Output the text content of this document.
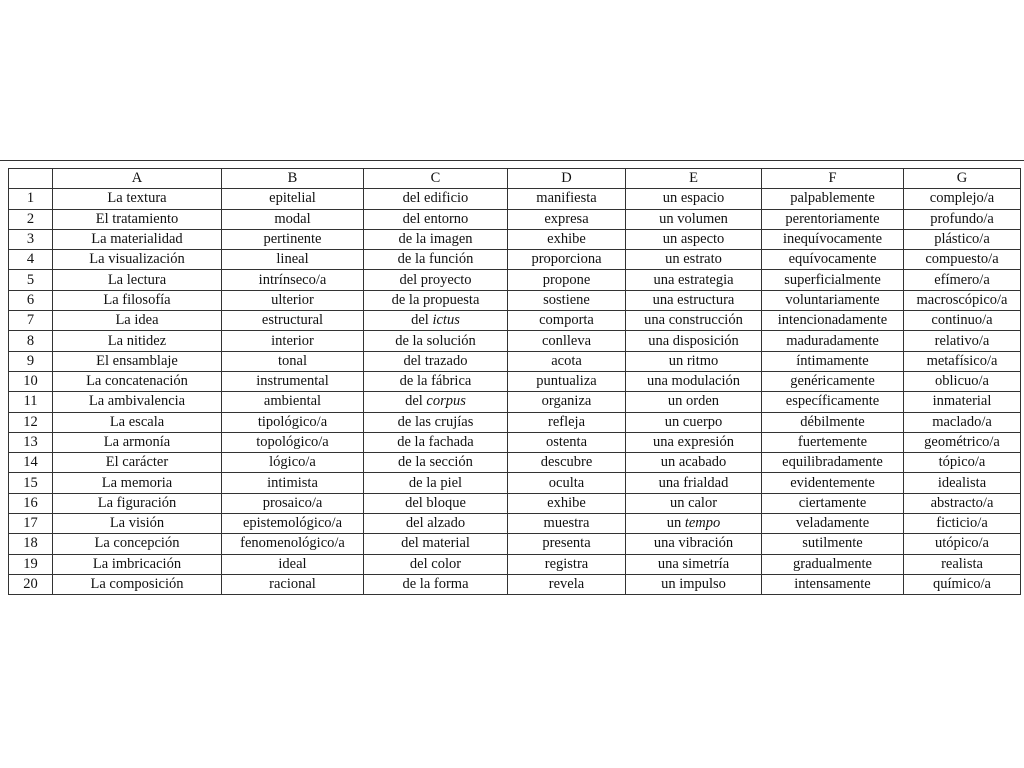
	A	B	C	D	E	F	G
1	La textura	epitelial	del edificio	manifiesta	un espacio	palpablemente	complejo/a
2	El tratamiento	modal	del entorno	expresa	un volumen	perentoriamente	profundo/a
3	La materialidad	pertinente	de la imagen	exhibe	un aspecto	inequívocamente	plástico/a
4	La visualización	lineal	de la función	proporciona	un estrato	equívocamente	compuesto/a
5	La lectura	intrínseco/a	del proyecto	propone	una estrategia	superficialmente	efímero/a
6	La filosofía	ulterior	de la propuesta	sostiene	una estructura	voluntariamente	macroscópico/a
7	La idea	estructural	del ictus	comporta	una construcción	intencionadamente	continuo/a
8	La nitidez	interior	de la solución	conlleva	una disposición	maduradamente	relativo/a
9	El ensamblaje	tonal	del trazado	acota	un ritmo	íntimamente	metafísico/a
10	La concatenación	instrumental	de la fábrica	puntualiza	una modulación	genéricamente	oblicuo/a
11	La ambivalencia	ambiental	del corpus	organiza	un orden	específicamente	inmaterial
12	La escala	tipológico/a	de las crujías	refleja	un cuerpo	débilmente	maclado/a
13	La armonía	topológico/a	de la fachada	ostenta	una expresión	fuertemente	geométrico/a
14	El carácter	lógico/a	de la sección	descubre	un acabado	equilibradamente	tópico/a
15	La memoria	intimista	de la piel	oculta	una frialdad	evidentemente	idealista
16	La figuración	prosaico/a	del bloque	exhibe	un calor	ciertamente	abstracto/a
17	La visión	epistemológico/a	del alzado	muestra	un tempo	veladamente	ficticio/a
18	La concepción	fenomenológico/a	del material	presenta	una vibración	sutilmente	utópico/a
19	La imbricación	ideal	del color	registra	una simetría	gradualmente	realista
20	La composición	racional	de la forma	revela	un impulso	intensamente	químico/a
